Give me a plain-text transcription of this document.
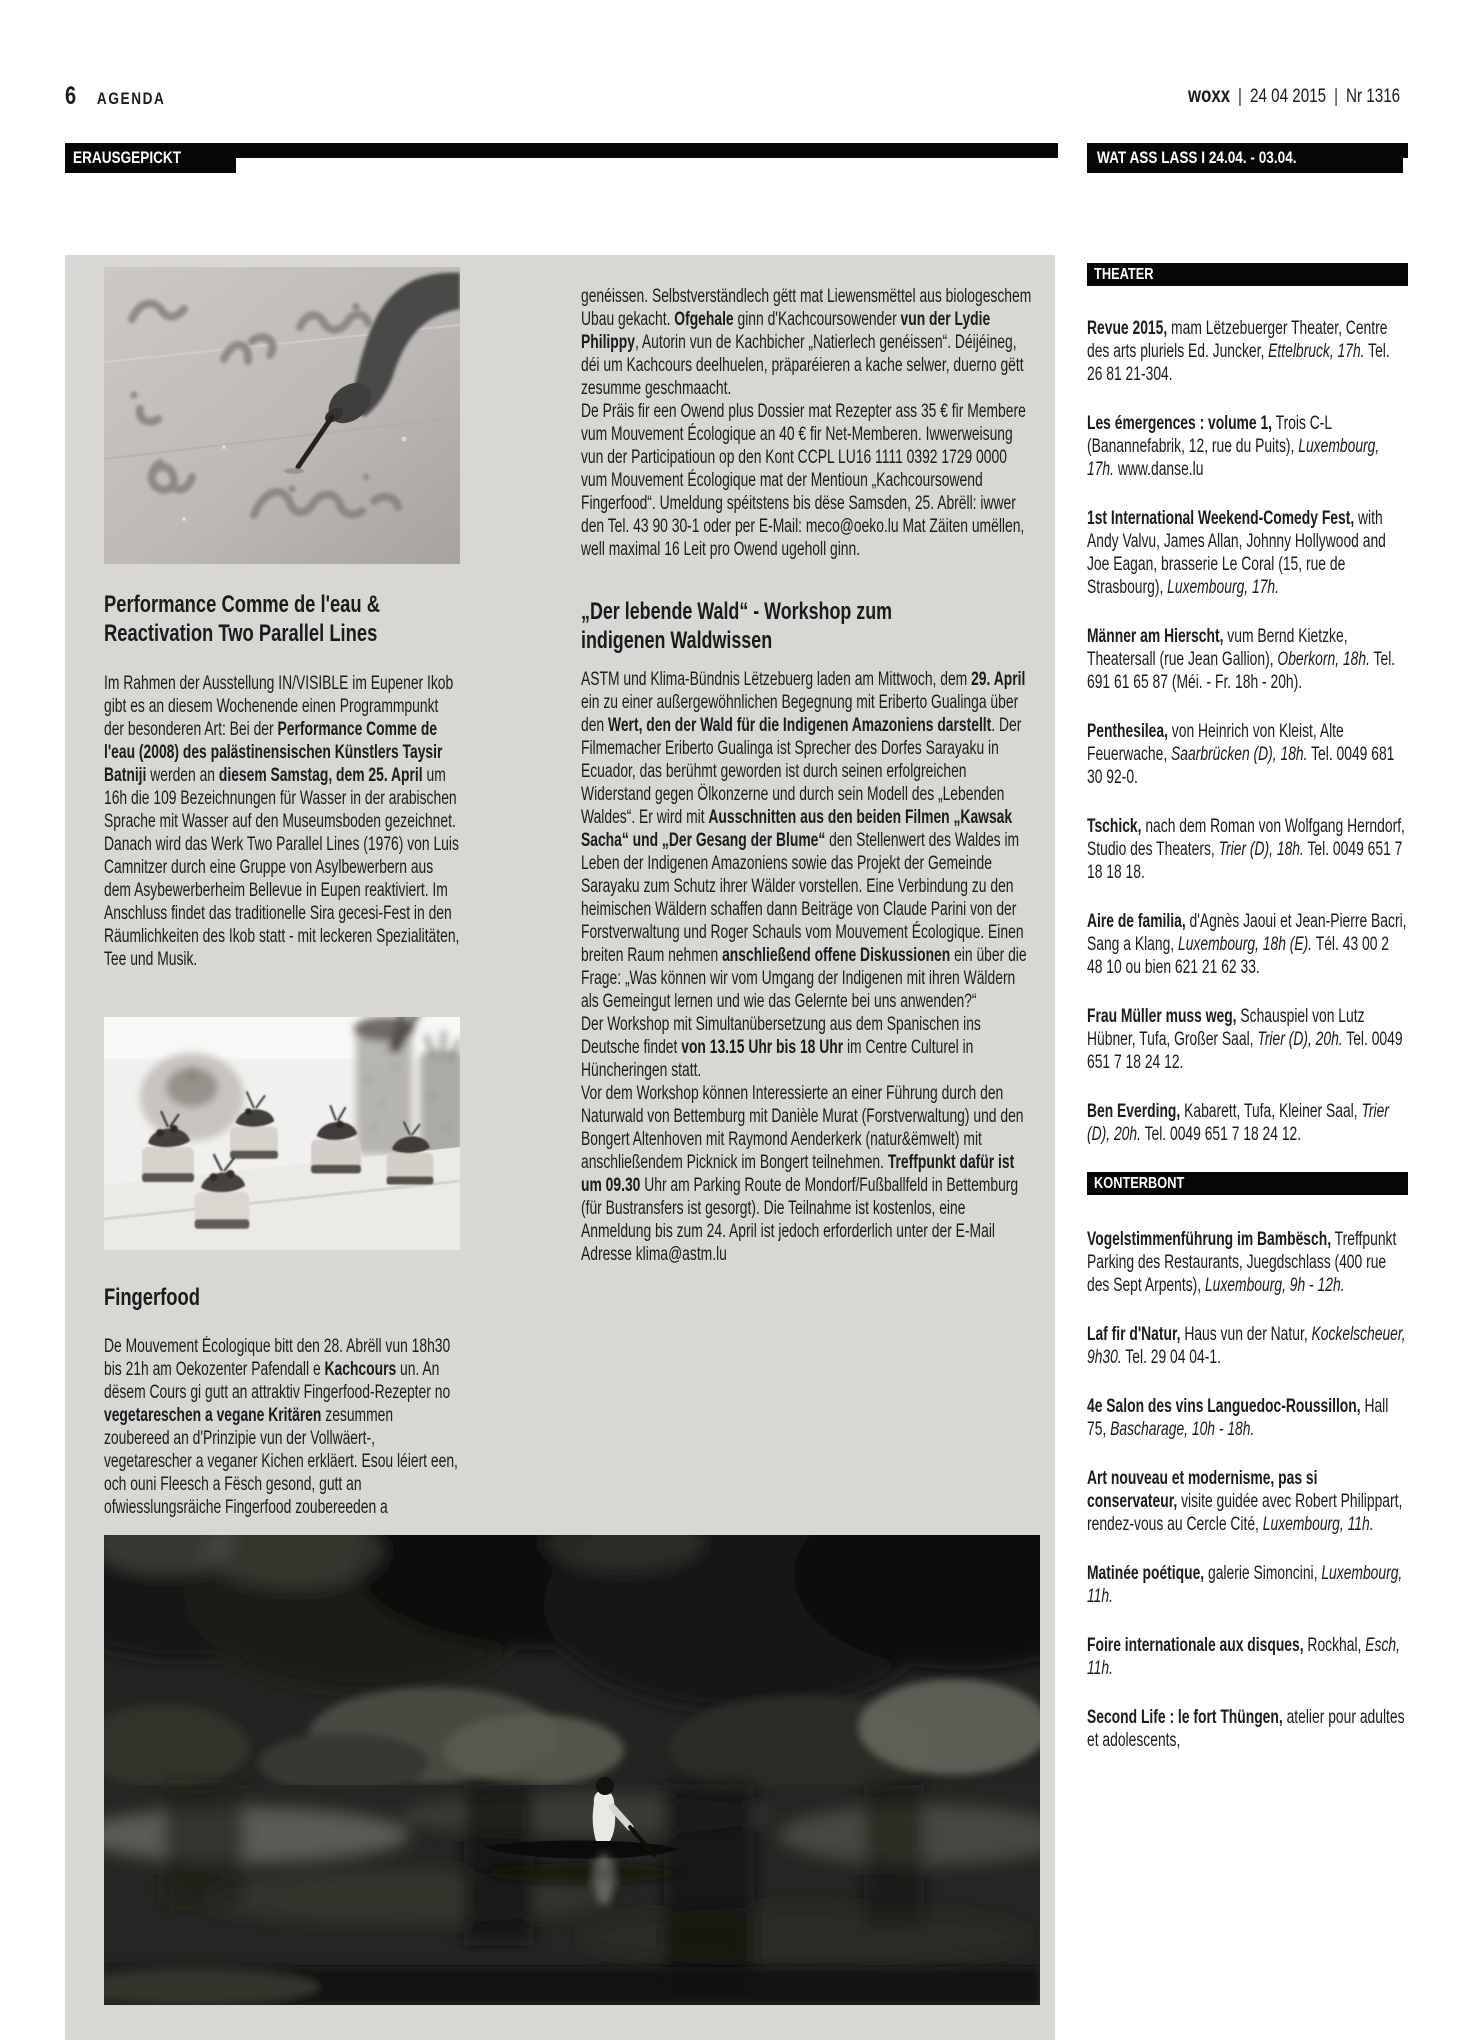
6 AGENDA	woxx | 24 04 2015 | Nr 1316
ERAUSGEPICKT	WAT ASS LASS I 24.04. - 03.04.
Performance Comme de l'eau &
Reactivation Two Parallel Lines

Im Rahmen der Ausstellung IN/VISIBLE im Eupener Ikob gibt es an diesem Wochenende einen Programmpunkt der besonderen Art: Bei der Performance Comme de l'eau (2008) des palästinensischen Künstlers Taysir Batniji werden an diesem Samstag, dem 25. April um 16h die 109 Bezeichnungen für Wasser in der arabischen Sprache mit Wasser auf den Museumsboden gezeichnet. Danach wird das Werk Two Parallel Lines (1976) von Luis Camnitzer durch eine Gruppe von Asylbewerbern aus dem Asybewerberheim Bellevue in Eupen reaktiviert. Im Anschluss findet das traditionelle Sira gecesi-Fest in den Räumlichkeiten des Ikob statt - mit leckeren Spezialitäten, Tee und Musik.

Fingerfood

De Mouvement Écologique bitt den 28. Abrëll vun 18h30 bis 21h am Oekozenter Pafendall e Kachcours un. An dësem Cours gi gutt an attraktiv Fingerfood-Rezepter no vegetareschen a vegane Kritären zesummen zoubereed an d'Prinzipie vun der Vollwäert-, vegetarescher a veganer Kichen erkläert. Esou léiert een, och ouni Fleesch a Fësch gesond, gutt an ofwiesslungsräiche Fingerfood zoubereeden a

genéissen. Selbstverständlech gëtt mat Liewensmëttel aus biologeschem Ubau gekacht. Ofgehale ginn d'Kachcoursowender vun der Lydie Philippy, Autorin vun de Kachbicher „Natierlech genéissen“. Déijéineg, déi um Kachcours deelhuelen, präparéieren a kache selwer, duerno gëtt zesumme geschmaacht.

De Präis fir een Owend plus Dossier mat Rezepter ass 35 € fir Membere vum Mouvement Écologique an 40 € fir Net-Memberen. Iwwerweisung vun der Participatioun op den Kont CCPL LU16 1111 0392 1729 0000 vum Mouvement Écologique mat der Mentioun „Kachcoursowend Fingerfood“. Umeldung spéitstens bis dëse Samsden, 25. Abrëll: iwwer den Tel. 43 90 30-1 oder per E-Mail: meco@oeko.lu Mat Zäiten umëllen, well maximal 16 Leit pro Owend ugeholl ginn.

„Der lebende Wald“ - Workshop zum
indigenen Waldwissen

ASTM und Klima-Bündnis Lëtzebuerg laden am Mittwoch, dem 29. April ein zu einer außergewöhnlichen Begegnung mit Eriberto Gualinga über den Wert, den der Wald für die Indigenen Amazoniens darstellt. Der Filmemacher Eriberto Gualinga ist Sprecher des Dorfes Sarayaku in Ecuador, das berühmt geworden ist durch seinen erfolgreichen Widerstand gegen Ölkonzerne und durch sein Modell des „Lebenden Waldes“. Er wird mit Ausschnitten aus den beiden Filmen „Kawsak Sacha“ und „Der Gesang der Blume“ den Stellenwert des Waldes im Leben der Indigenen Amazoniens sowie das Projekt der Gemeinde Sarayaku zum Schutz ihrer Wälder vorstellen. Eine Verbindung zu den heimischen Wäldern schaffen dann Beiträge von Claude Parini von der Forstverwaltung und Roger Schauls vom Mouvement Écologique. Einen breiten Raum nehmen anschließend offene Diskussionen ein über die Frage: „Was können wir vom Umgang der Indigenen mit ihren Wäldern als Gemeingut lernen und wie das Gelernte bei uns anwenden?“

Der Workshop mit Simultanübersetzung aus dem Spanischen ins Deutsche findet von 13.15 Uhr bis 18 Uhr im Centre Culturel in Hüncheringen statt.

Vor dem Workshop können Interessierte an einer Führung durch den Naturwald von Bettemburg mit Danièle Murat (Forstverwaltung) und den Bongert Altenhoven mit Raymond Aenderkerk (natur&ëmwelt) mit anschließendem Picknick im Bongert teilnehmen. Treffpunkt dafür ist um 09.30 Uhr am Parking Route de Mondorf/Fußballfeld in Bettemburg (für Bustransfers ist gesorgt). Die Teilnahme ist kostenlos, eine Anmeldung bis zum 24. April ist jedoch erforderlich unter der E-Mail Adresse klima@astm.lu

THEATER

Revue 2015, mam Lëtzebuerger Theater, Centre des arts pluriels Ed. Juncker, Ettelbruck, 17h. Tel. 26 81 21-304.

Les émergences : volume 1, Trois C-L (Banannefabrik, 12, rue du Puits), Luxembourg, 17h. www.danse.lu

1st International Weekend-Comedy Fest, with Andy Valvu, James Allan, Johnny Hollywood and Joe Eagan, brasserie Le Coral (15, rue de Strasbourg), Luxembourg, 17h.

Männer am Hierscht, vum Bernd Kietzke, Theatersall (rue Jean Gallion), Oberkorn, 18h. Tel. 691 61 65 87 (Méi. - Fr. 18h - 20h).

Penthesilea, von Heinrich von Kleist, Alte Feuerwache, Saarbrücken (D), 18h. Tel. 0049 681 30 92-0.

Tschick, nach dem Roman von Wolfgang Herndorf, Studio des Theaters, Trier (D), 18h. Tel. 0049 651 7 18 18 18.

Aire de familia, d'Agnès Jaoui et Jean-Pierre Bacri, Sang a Klang, Luxembourg, 18h (E). Tél. 43 00 2 48 10 ou bien 621 21 62 33.

Frau Müller muss weg, Schauspiel von Lutz Hübner, Tufa, Großer Saal, Trier (D), 20h. Tel. 0049 651 7 18 24 12.

Ben Everding, Kabarett, Tufa, Kleiner Saal, Trier (D), 20h. Tel. 0049 651 7 18 24 12.

KONTERBONT

Vogelstimmenführung im Bambësch, Treffpunkt Parking des Restaurants, Juegdschlass (400 rue des Sept Arpents), Luxembourg, 9h - 12h.

Laf fir d'Natur, Haus vun der Natur, Kockelscheuer, 9h30. Tel. 29 04 04-1.

4e Salon des vins Languedoc-Roussillon, Hall 75, Bascharage, 10h - 18h.

Art nouveau et modernisme, pas si conservateur, visite guidée avec Robert Philippart, rendez-vous au Cercle Cité, Luxembourg, 11h.

Matinée poétique, galerie Simoncini, Luxembourg, 11h.

Foire internationale aux disques, Rockhal, Esch, 11h.

Second Life : le fort Thüngen, atelier pour adultes et adolescents,
